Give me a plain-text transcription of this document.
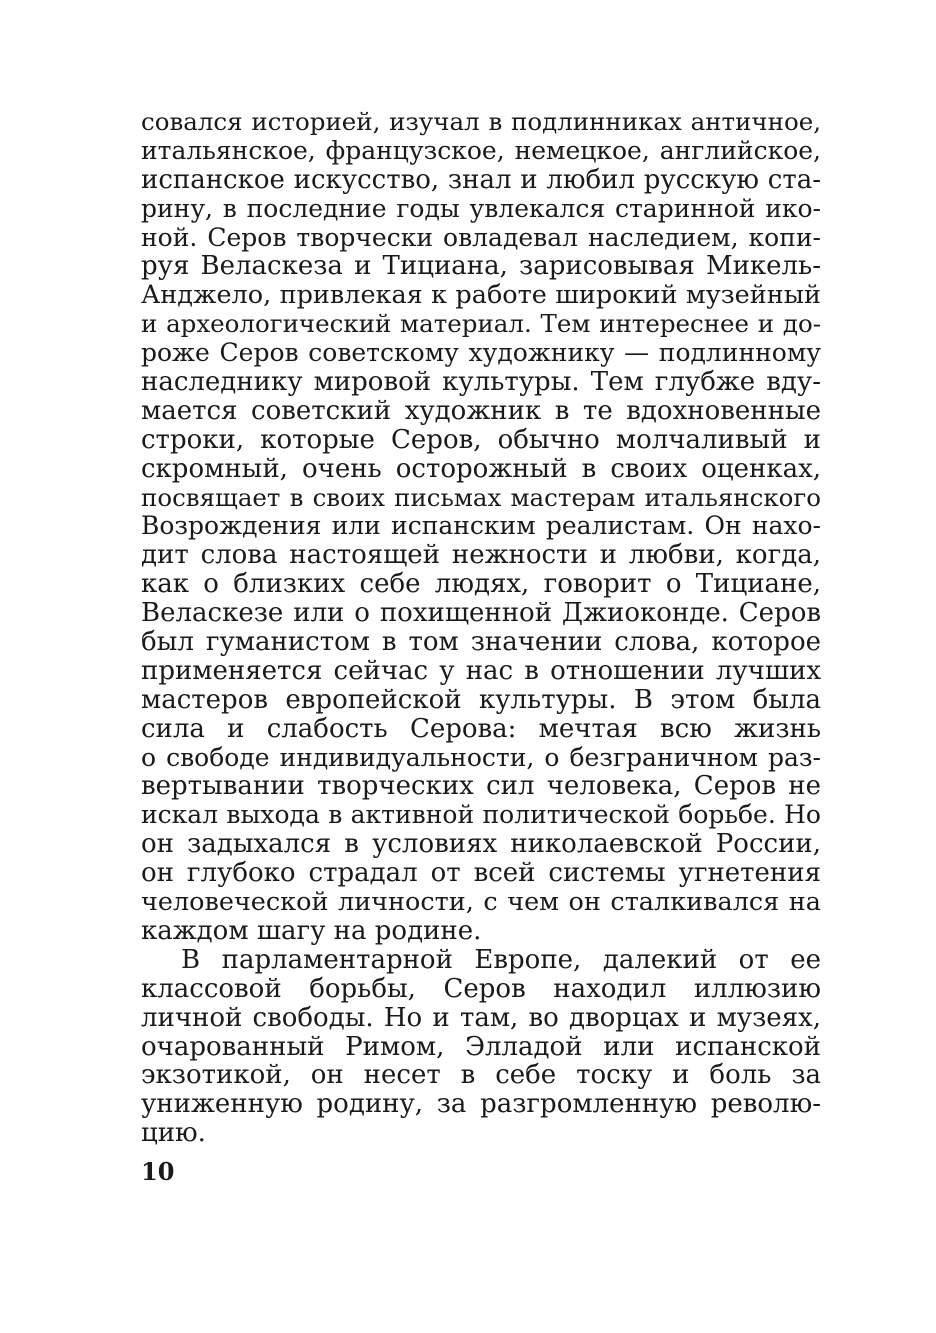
совался историей, изучал в подлинниках античное,
итальянское, французское, немецкое, английское,
испанское искусство, знал и любил русскую ста-
рину, в последние годы увлекался старинной ико-
ной. Серов творчески овладевал наследием, копи-
руя Веласкеза и Тициана, зарисовывая Микель-
Анджело, привлекая к работе широкий музейный
и археологический материал. Тем интереснее и до-
роже Серов советскому художнику — подлинному
наследнику мировой культуры. Тем глубже вду-
мается советский художник в те вдохновенные
строки, которые Серов, обычно молчаливый и
скромный, очень осторожный в своих оценках,
посвящает в своих письмах мастерам итальянского
Возрождения или испанским реалистам. Он нахо-
дит слова настоящей нежности и любви, когда,
как о близких себе людях, говорит о Тициане,
Веласкезе или о похищенной Джиоконде. Серов
был гуманистом в том значении слова, которое
применяется сейчас у нас в отношении лучших
мастеров европейской культуры. В этом была
сила и слабость Серова: мечтая всю жизнь
о свободе индивидуальности, о безграничном раз-
вертывании творческих сил человека, Серов не
искал выхода в активной политической борьбе. Но
он задыхался в условиях николаевской России,
он глубоко страдал от всей системы угнетения
человеческой личности, с чем он сталкивался на
каждом шагу на родине.
В парламентарной Европе, далекий от ее
классовой борьбы, Серов находил иллюзию
личной свободы. Но и там, во дворцах и музеях,
очарованный Римом, Элладой или испанской
экзотикой, он несет в себе тоску и боль за
униженную родину, за разгромленную револю-
цию.
10
